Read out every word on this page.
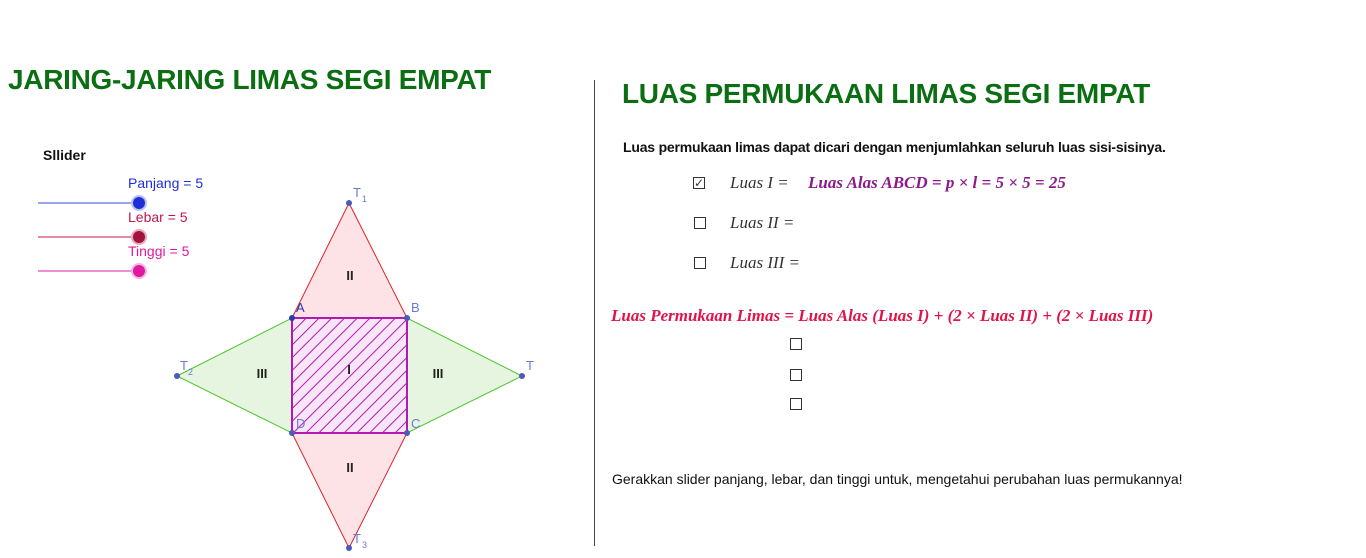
JARING-JARING LIMAS SEGI EMPAT
Sllider
Panjang = 5
Lebar = 5
Tinggi = 5
II
II
III	III
I
A	B
C
D
T 1
T 2
T 3
T
LUAS PERMUKAAN LIMAS SEGI EMPAT
Luas permukaan limas dapat dicari dengan menjumlahkan seluruh luas sisi-sisinya.
✓ Luas I = Luas Alas ABCD = p × l = 5 × 5 = 25
Luas II =
Luas III =
Luas Permukaan Limas = Luas Alas (Luas I) + (2 × Luas II) + (2 × Luas III)
Gerakkan slider panjang, lebar, dan tinggi untuk, mengetahui perubahan luas permukannya!
